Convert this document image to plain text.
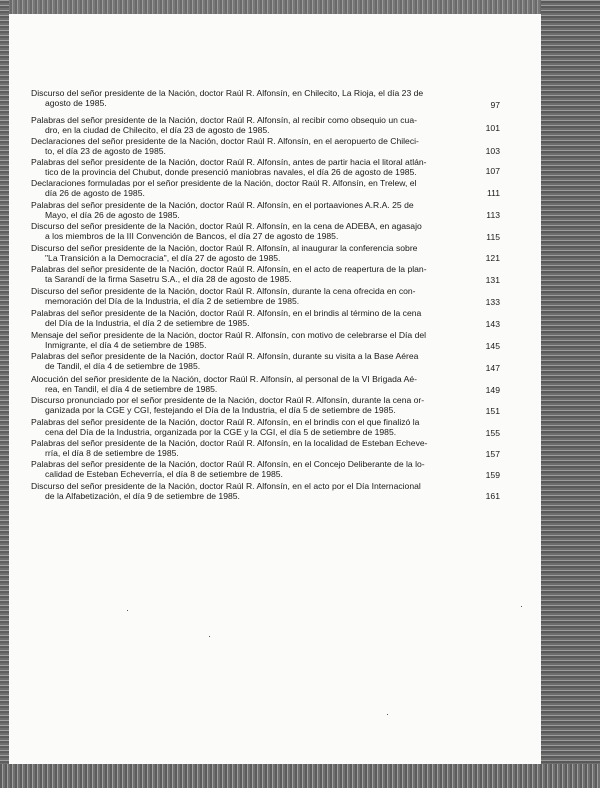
Discurso del señor presidente de la Nación, doctor Raúl R. Alfonsín, en Chilecito, La Rioja, el día 23 de
agosto de 1985.	97
Palabras del señor presidente de la Nación, doctor Raúl R. Alfonsín, al recibir como obsequio un cua-
dro, en la ciudad de Chilecito, el día 23 de agosto de 1985.	101
Declaraciones del señor presidente de la Nación, doctor Raúl R. Alfonsín, en el aeropuerto de Chileci-
to, el día 23 de agosto de 1985.	103
Palabras del señor presidente de la Nación, doctor Raúl R. Alfonsín, antes de partir hacia el litoral atlán-
tico de la provincia del Chubut, donde presenció maniobras navales, el día 26 de agosto de 1985.	107
Declaraciones formuladas por el señor presidente de la Nación, doctor Raúl R. Alfonsín, en Trelew, el
día 26 de agosto de 1985.	111
Palabras del señor presidente de la Nación, doctor Raúl R. Alfonsín, en el portaaviones A.R.A. 25 de
Mayo, el día 26 de agosto de 1985.	113
Discurso del señor presidente de la Nación, doctor Raúl R. Alfonsín, en la cena de ADEBA, en agasajo
a los miembros de la III Convención de Bancos, el día 27 de agosto de 1985.	115
Discurso del señor presidente de la Nación, doctor Raúl R. Alfonsín, al inaugurar la conferencia sobre
"La Transición a la Democracia", el día 27 de agosto de 1985.	121
Palabras del señor presidente de la Nación, doctor Raúl R. Alfonsín, en el acto de reapertura de la plan-
ta Sarandí de la firma Sasetru S.A., el día 28 de agosto de 1985.	131
Discurso del señor presidente de la Nación, doctor Raúl R. Alfonsín, durante la cena ofrecida en con-
memoración del Día de la Industria, el día 2 de setiembre de 1985.	133
Palabras del señor presidente de la Nación, doctor Raúl R. Alfonsín, en el brindis al término de la cena
del Día de la Industria, el día 2 de setiembre de 1985.	143
Mensaje del señor presidente de la Nación, doctor Raúl R. Alfonsín, con motivo de celebrarse el Día del
Inmigrante, el día 4 de setiembre de 1985.	145
Palabras del señor presidente de la Nación, doctor Raúl R. Alfonsín, durante su visita a la Base Aérea
de Tandil, el día 4 de setiembre de 1985.	147
Alocución del señor presidente de la Nación, doctor Raúl R. Alfonsín, al personal de la VI Brigada Aé-
rea, en Tandil, el día 4 de setiembre de 1985.	149
Discurso pronunciado por el señor presidente de la Nación, doctor Raúl R. Alfonsín, durante la cena or-
ganizada por la CGE y CGI, festejando el Día de la Industria, el día 5 de setiembre de 1985.	151
Palabras del señor presidente de la Nación, doctor Raúl R. Alfonsín, en el brindis con el que finalizó la
cena del Día de la Industria, organizada por la CGE y la CGI, el día 5 de setiembre de 1985.	155
Palabras del señor presidente de la Nación, doctor Raúl R. Alfonsín, en la localidad de Esteban Echeve-
rría, el día 8 de setiembre de 1985.	157
Palabras del señor presidente de la Nación, doctor Raúl R. Alfonsín, en el Concejo Deliberante de la lo-
calidad de Esteban Echeverría, el día 8 de setiembre de 1985.	159
Discurso del señor presidente de la Nación, doctor Raúl R. Alfonsín, en el acto por el Día Internacional
de la Alfabetización, el día 9 de setiembre de 1985.	161
